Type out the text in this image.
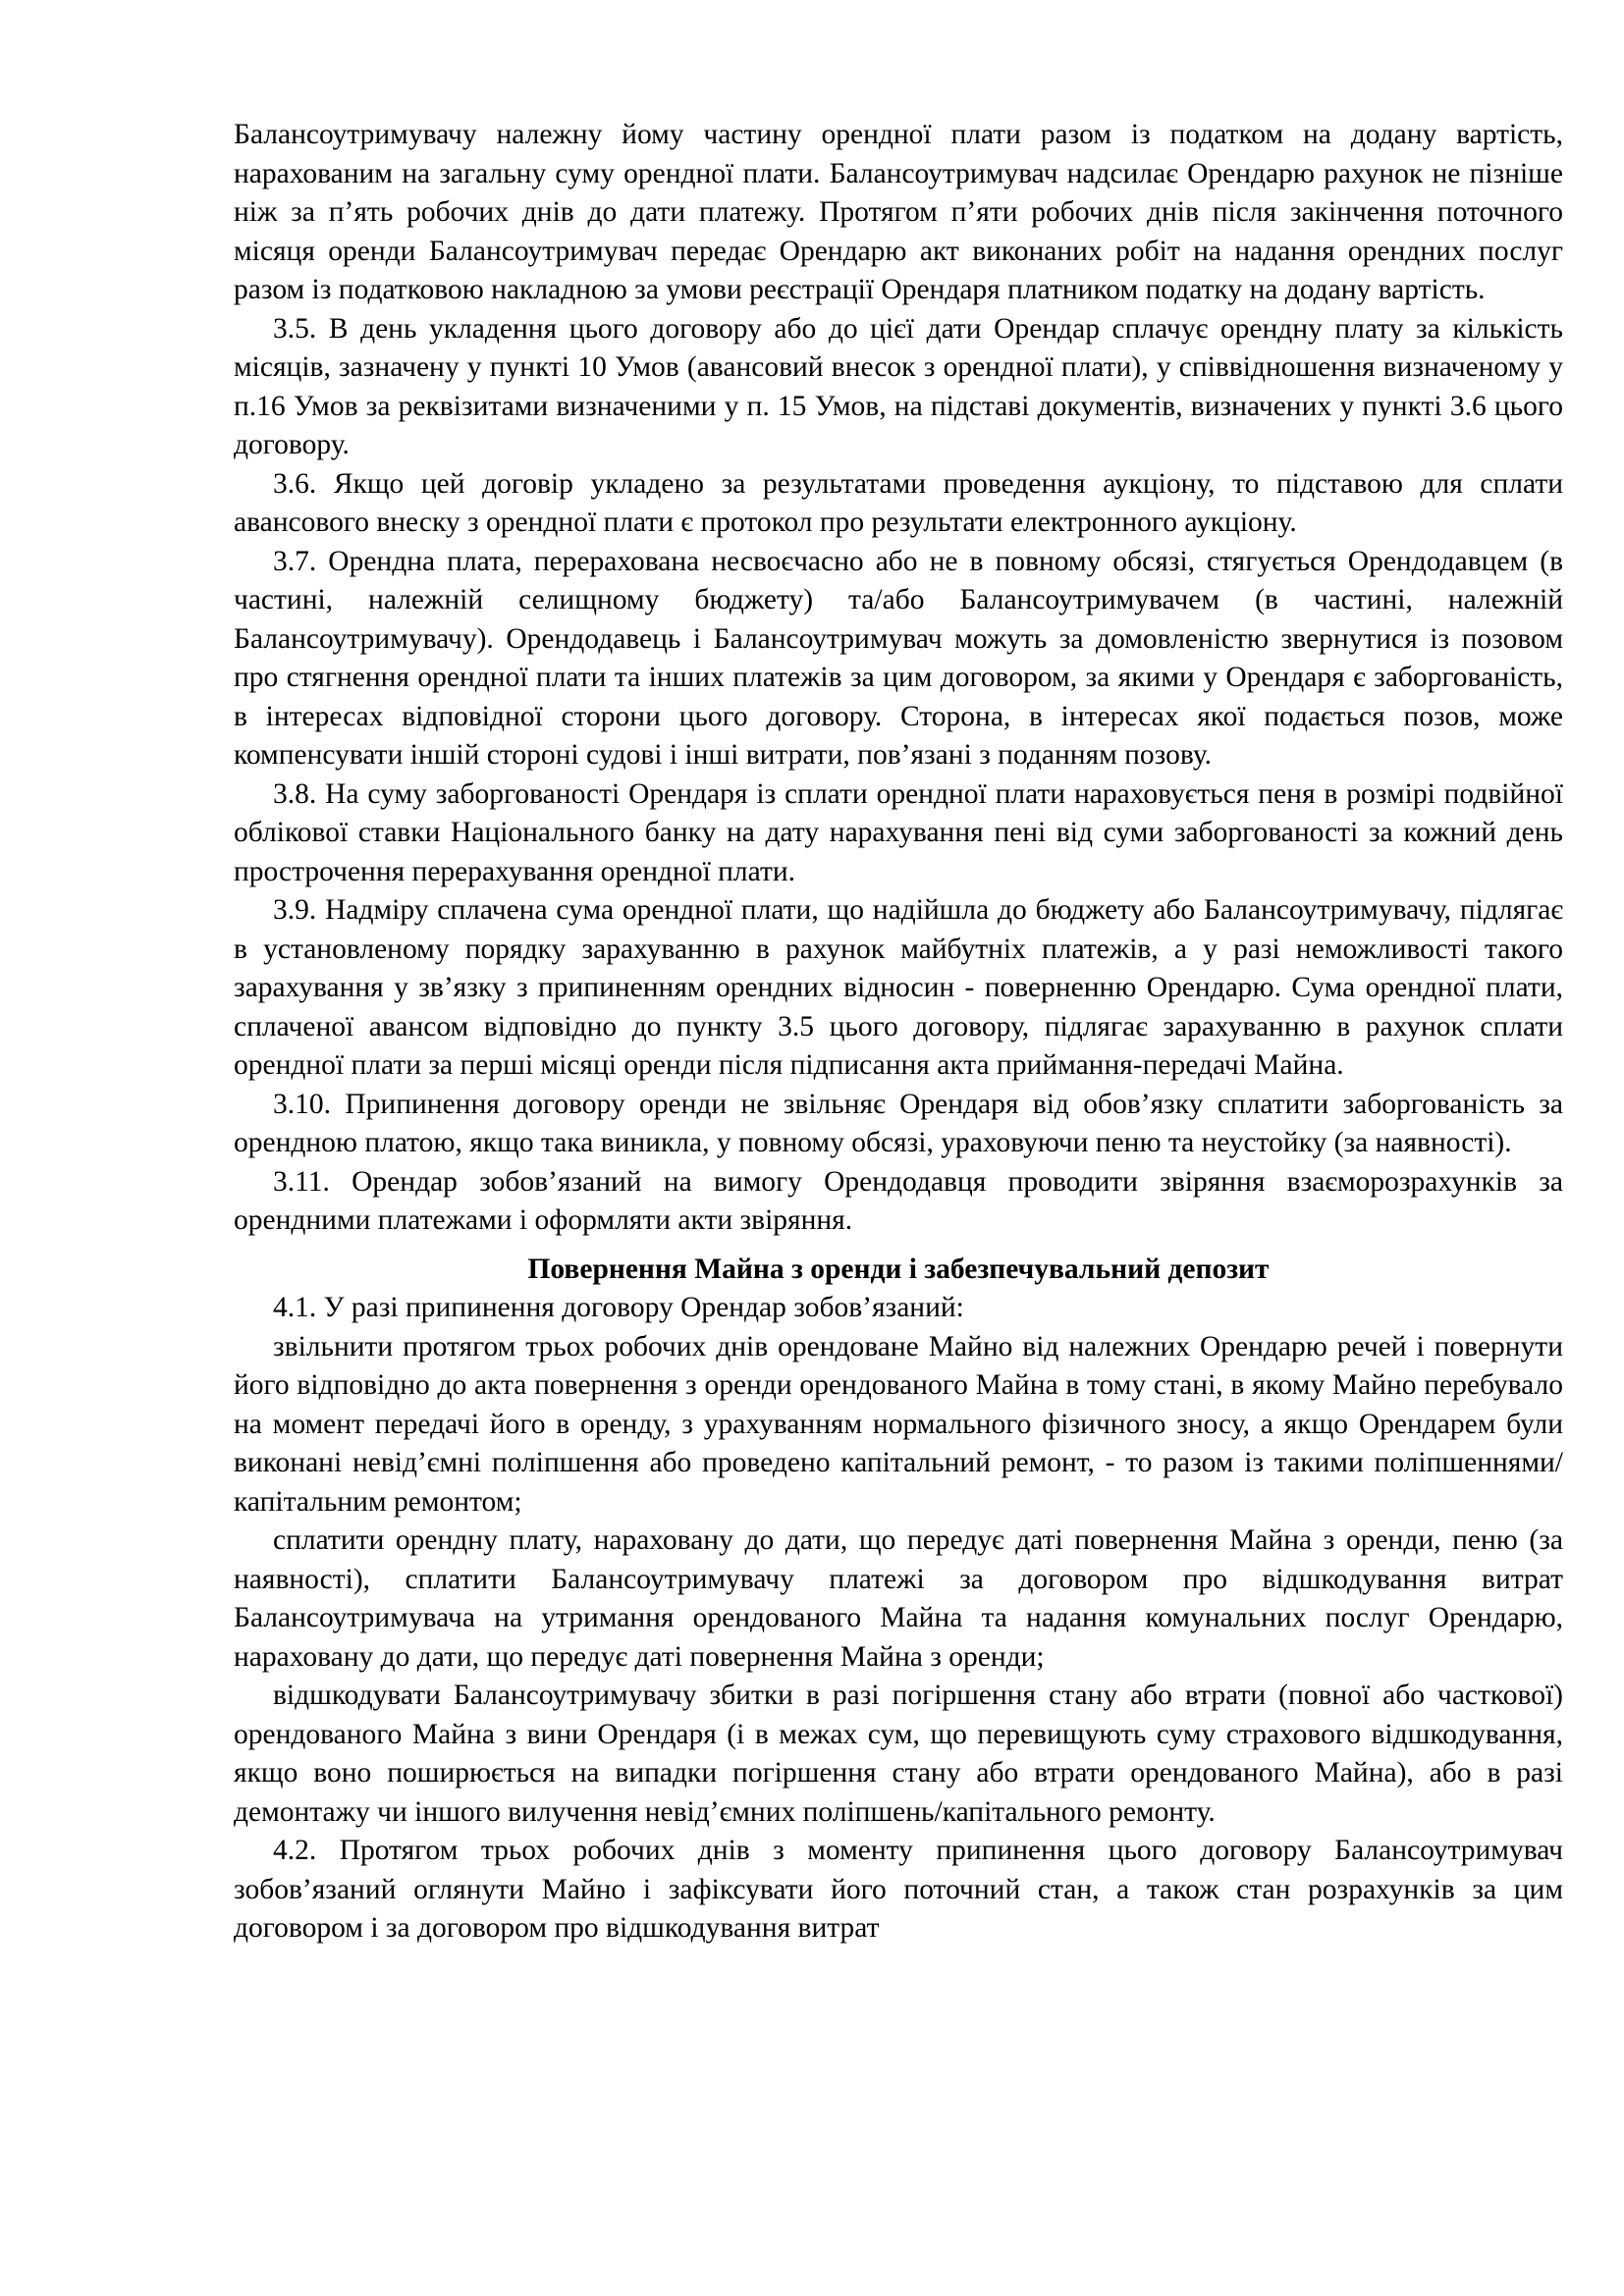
Балансоутримувачу належну йому частину орендної плати разом із податком на додану вартість, нарахованим на загальну суму орендної плати. Балансоутримувач надсилає Орендарю рахунок не пізніше ніж за п’ять робочих днів до дати платежу. Протягом п’яти робочих днів після закінчення поточного місяця оренди Балансоутримувач передає Орендарю акт виконаних робіт на надання орендних послуг разом із податковою накладною за умови реєстрації Орендаря платником податку на додану вартість.

3.5. В день укладення цього договору або до цієї дати Орендар сплачує орендну плату за кількість місяців, зазначену у пункті 10 Умов (авансовий внесок з орендної плати), у співвідношення визначеному у п.16 Умов за реквізитами визначеними у п. 15 Умов, на підставі документів, визначених у пункті 3.6 цього договору.

3.6. Якщо цей договір укладено за результатами проведення аукціону, то підставою для сплати авансового внеску з орендної плати є протокол про результати електронного аукціону.

3.7. Орендна плата, перерахована несвоєчасно або не в повному обсязі, стягується Орендодавцем (в частині, належній селищному бюджету) та/або Балансоутримувачем (в частині, належній Балансоутримувачу). Орендодавець і Балансоутримувач можуть за домовленістю звернутися із позовом про стягнення орендної плати та інших платежів за цим договором, за якими у Орендаря є заборгованість, в інтересах відповідної сторони цього договору. Сторона, в інтересах якої подається позов, може компенсувати іншій стороні судові і інші витрати, пов’язані з поданням позову.

3.8. На суму заборгованості Орендаря із сплати орендної плати нараховується пеня в розмірі подвійної облікової ставки Національного банку на дату нарахування пені від суми заборгованості за кожний день прострочення перерахування орендної плати.

3.9. Надміру сплачена сума орендної плати, що надійшла до бюджету або Балансоутримувачу, підлягає в установленому порядку зарахуванню в рахунок майбутніх платежів, а у разі неможливості такого зарахування у зв’язку з припиненням орендних відносин - поверненню Орендарю. Сума орендної плати, сплаченої авансом відповідно до пункту 3.5 цього договору, підлягає зарахуванню в рахунок сплати орендної плати за перші місяці оренди після підписання акта приймання-передачі Майна.

3.10. Припинення договору оренди не звільняє Орендаря від обов’язку сплатити заборгованість за орендною платою, якщо така виникла, у повному обсязі, ураховуючи пеню та неустойку (за наявності).

3.11. Орендар зобов’язаний на вимогу Орендодавця проводити звіряння взаєморозрахунків за орендними платежами і оформляти акти звіряння.

Повернення Майна з оренди і забезпечувальний депозит

4.1. У разі припинення договору Орендар зобов’язаний:

звільнити протягом трьох робочих днів орендоване Майно від належних Орендарю речей і повернути його відповідно до акта повернення з оренди орендованого Майна в тому стані, в якому Майно перебувало на момент передачі його в оренду, з урахуванням нормального фізичного зносу, а якщо Орендарем були виконані невід’ємні поліпшення або проведено капітальний ремонт, - то разом із такими поліпшеннями/капітальним ремонтом;

сплатити орендну плату, нараховану до дати, що передує даті повернення Майна з оренди, пеню (за наявності), сплатити Балансоутримувачу платежі за договором про відшкодування витрат Балансоутримувача на утримання орендованого Майна та надання комунальних послуг Орендарю, нараховану до дати, що передує даті повернення Майна з оренди;

відшкодувати Балансоутримувачу збитки в разі погіршення стану або втрати (повної або часткової) орендованого Майна з вини Орендаря (і в межах сум, що перевищують суму страхового відшкодування, якщо воно поширюється на випадки погіршення стану або втрати орендованого Майна), або в разі демонтажу чи іншого вилучення невід’ємних поліпшень/капітального ремонту.

4.2. Протягом трьох робочих днів з моменту припинення цього договору Балансоутримувач зобов’язаний оглянути Майно і зафіксувати його поточний стан, а також стан розрахунків за цим договором і за договором про відшкодування витрат
